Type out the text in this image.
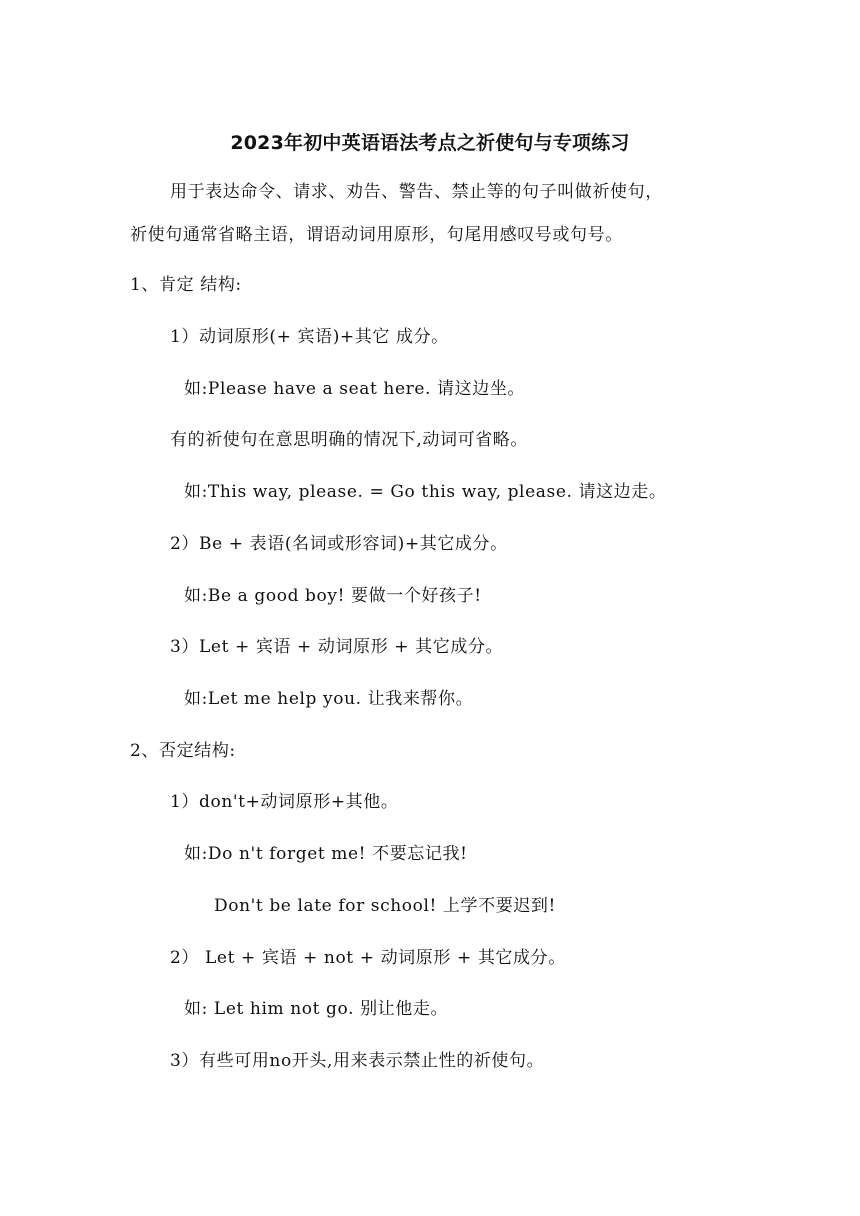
2023年初中英语语法考点之祈使句与专项练习
用于表达命令、请求、劝告、警告、禁止等的句子叫做祈使句，
祈使句通常省略主语，谓语动词用原形，句尾用感叹号或句号。
1、肯定 结构:
1）动词原形(+ 宾语)+其它 成分。
如:Please have a seat here. 请这边坐。
有的祈使句在意思明确的情况下,动词可省略。
如:This way, please. = Go this way, please. 请这边走。
2）Be + 表语(名词或形容词)+其它成分。
如:Be a good boy! 要做一个好孩子!
3）Let + 宾语 + 动词原形 + 其它成分。
如:Let me help you. 让我来帮你。
2、否定结构:
1）don't+动词原形+其他。
如:Do n't forget me! 不要忘记我!
Don't be late for school! 上学不要迟到!
2） Let + 宾语 + not + 动词原形 + 其它成分。
如: Let him not go. 别让他走。
3）有些可用no开头,用来表示禁止性的祈使句。
